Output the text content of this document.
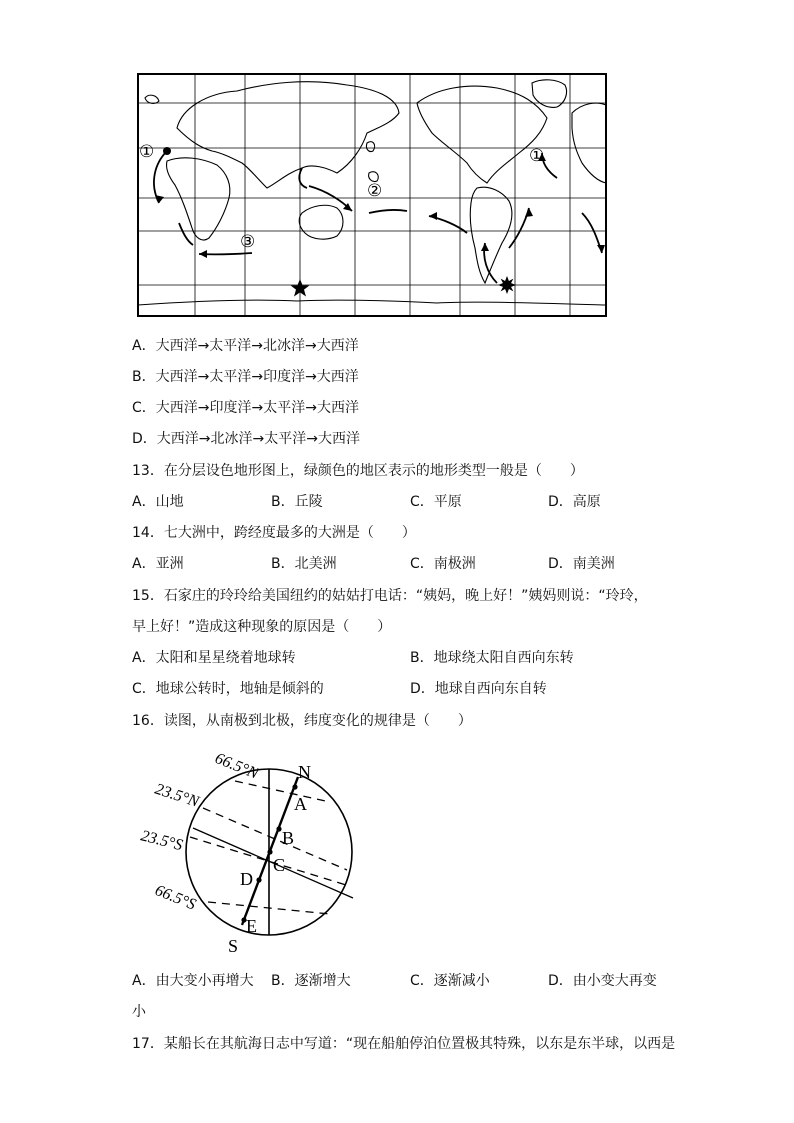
①
②
③
①
A．大西洋→太平洋→北冰洋→大西洋
B．大西洋→太平洋→印度洋→大西洋
C．大西洋→印度洋→太平洋→大西洋
D．大西洋→北冰洋→太平洋→大西洋
13．在分层设色地形图上，绿颜色的地区表示的地形类型一般是（　　）
A．山地	B．丘陵	C．平原	D．高原
14．七大洲中，跨经度最多的大洲是（　　）
A．亚洲	B．北美洲	C．南极洲	D．南美洲
15．石家庄的玲玲给美国纽约的姑姑打电话：“姨妈，晚上好！”姨妈则说：“玲玲，
早上好！”造成这种现象的原因是（　　）
A．太阳和星星绕着地球转	B．地球绕太阳自西向东转
C．地球公转时，地轴是倾斜的	D．地球自西向东自转
16．读图，从南极到北极，纬度变化的规律是（　　）
66.5°N
23.5°N
23.5°S
66.5°S
N
S
A
B
C
D
E
A．由大变小再增大 B．逐渐增大	C．逐渐减小	D．由小变大再变
小
17．某船长在其航海日志中写道：“现在船舶停泊位置极其特殊，以东是东半球，以西是
